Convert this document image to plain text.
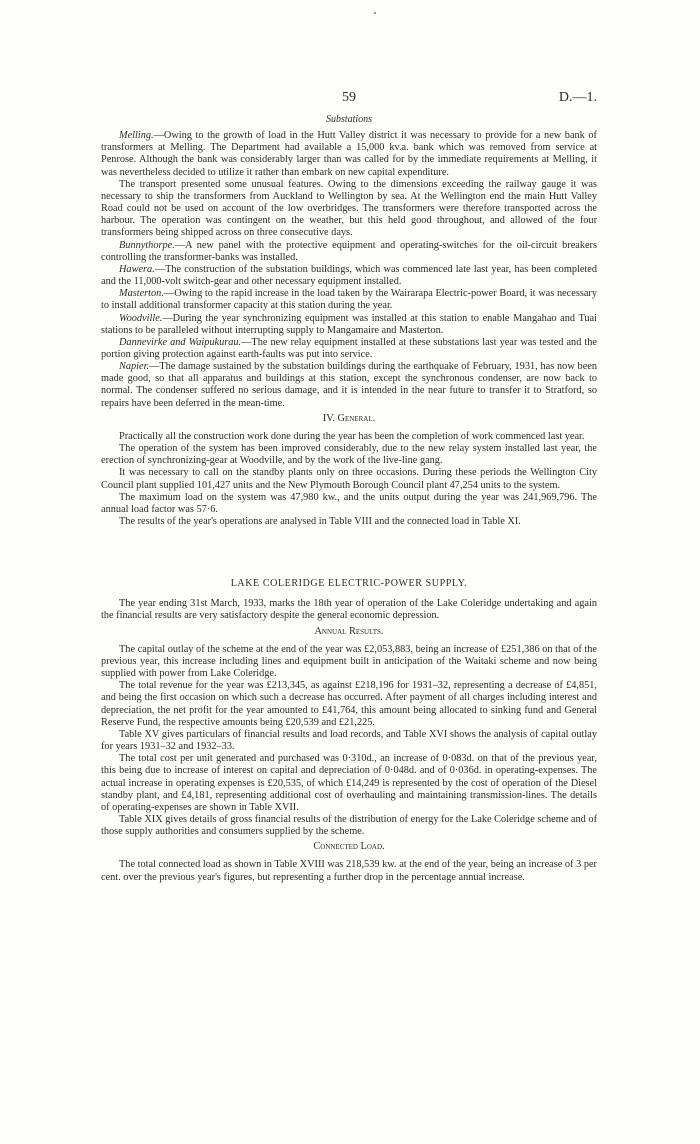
59	D.—1.
Substations

Melling.—Owing to the growth of load in the Hutt Valley district it was necessary to provide for a new bank of transformers at Melling. The Department had available a 15,000 kv.a. bank which was removed from service at Penrose. Although the bank was considerably larger than was called for by the immediate requirements at Melling, it was nevertheless decided to utilize it rather than embark on new capital expenditure.

The transport presented some unusual features. Owing to the dimensions exceeding the railway gauge it was necessary to ship the transformers from Auckland to Wellington by sea. At the Wellington end the main Hutt Valley Road could not be used on account of the low overbridges. The transformers were therefore transported across the harbour. The operation was contingent on the weather, but this held good throughout, and allowed of the four transformers being shipped across on three consecutive days.

Bunnythorpe.—A new panel with the protective equipment and operating-switches for the oil-circuit breakers controlling the transformer-banks was installed.

Hawera.—The construction of the substation buildings, which was commenced late last year, has been completed and the 11,000-volt switch-gear and other necessary equipment installed.

Masterton.—Owing to the rapid increase in the load taken by the Wairarapa Electric-power Board, it was necessary to install additional transformer capacity at this station during the year.

Woodville.—During the year synchronizing equipment was installed at this station to enable Mangahao and Tuai stations to be paralleled without interrupting supply to Mangamaire and Masterton.

Dannevirke and Waipukurau.—The new relay equipment installed at these substations last year was tested and the portion giving protection against earth-faults was put into service.

Napier.—The damage sustained by the substation buildings during the earthquake of February, 1931, has now been made good, so that all apparatus and buildings at this station, except the synchronous condenser, are now back to normal. The condenser suffered no serious damage, and it is intended in the near future to transfer it to Stratford, so repairs have been deferred in the mean-time.

IV. General.

Practically all the construction work done during the year has been the completion of work commenced last year.

The operation of the system has been improved considerably, due to the new relay system installed last year, the erection of synchronizing-gear at Woodville, and by the work of the live-line gang.

It was necessary to call on the standby plants only on three occasions. During these periods the Wellington City Council plant supplied 101,427 units and the New Plymouth Borough Council plant 47,254 units to the system.

The maximum load on the system was 47,980 kw., and the units output during the year was 241,969,796. The annual load factor was 57·6.

The results of the year's operations are analysed in Table VIII and the connected load in Table XI.

LAKE COLERIDGE ELECTRIC-POWER SUPPLY.

The year ending 31st March, 1933, marks the 18th year of operation of the Lake Coleridge undertaking and again the financial results are very satisfactory despite the general economic depression.

Annual Results.

The capital outlay of the scheme at the end of the year was £2,053,883, being an increase of £251,386 on that of the previous year, this increase including lines and equipment built in anticipation of the Waitaki scheme and now being supplied with power from Lake Coleridge.

The total revenue for the year was £213,345, as against £218,196 for 1931–32, representing a decrease of £4,851, and being the first occasion on which such a decrease has occurred. After payment of all charges including interest and depreciation, the net profit for the year amounted to £41,764, this amount being allocated to sinking fund and General Reserve Fund, the respective amounts being £20,539 and £21,225.

Table XV gives particulars of financial results and load records, and Table XVI shows the analysis of capital outlay for years 1931–32 and 1932–33.

The total cost per unit generated and purchased was 0·310d., an increase of 0·083d. on that of the previous year, this being due to increase of interest on capital and depreciation of 0·048d. and of 0·036d. in operating-expenses. The actual increase in operating expenses is £20,535, of which £14,249 is represented by the cost of operation of the Diesel standby plant, and £4,181, representing additional cost of overhauling and maintaining transmission-lines. The details of operating-expenses are shown in Table XVII.

Table XIX gives details of gross financial results of the distribution of energy for the Lake Coleridge scheme and of those supply authorities and consumers supplied by the scheme.

Connected Load.

The total connected load as shown in Table XVIII was 218,539 kw. at the end of the year, being an increase of 3 per cent. over the previous year's figures, but representing a further drop in the percentage annual increase.
